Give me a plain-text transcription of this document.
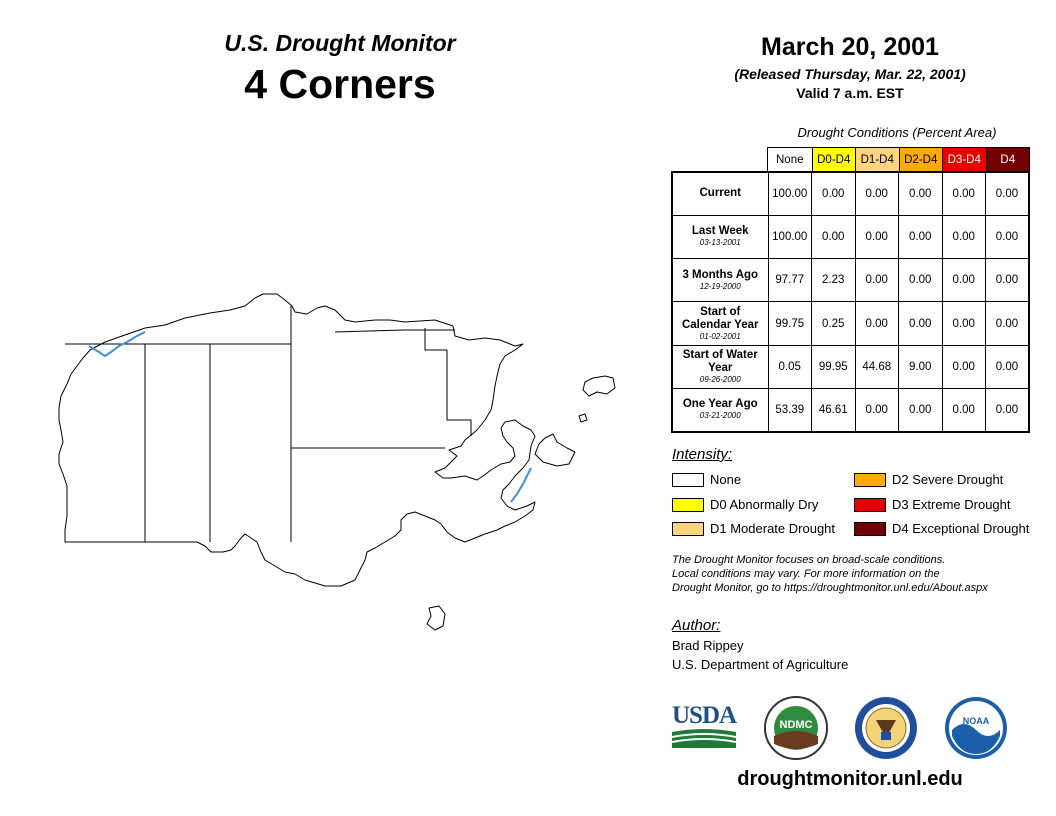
U.S. Drought Monitor
4 Corners
March 20, 2001
(Released Thursday, Mar. 22, 2001)
Valid 7 a.m. EST
Drought Conditions (Percent Area)
None	D0-D4 D1-D4 D2-D4 D3-D4	D4
Current	100.00	0.00	0.00	0.00	0.00	0.00

Last Week
03-13-2001	100.00	0.00	0.00	0.00	0.00	0.00

3 Months Ago
12-19-2000	97.77	2.23	0.00	0.00	0.00	0.00

Start of Calendar Year
01-02-2001	99.75	0.25	0.00	0.00	0.00	0.00

Start of Water Year
09-26-2000	0.05	99.95	44.68	9.00	0.00	0.00

One Year Ago
03-21-2000	53.39	46.61	0.00	0.00	0.00	0.00
Intensity:
None
D0 Abnormally Dry
D1 Moderate Drought
D2 Severe Drought
D3 Extreme Drought
D4 Exceptional Drought
The Drought Monitor focuses on broad-scale conditions.
Local conditions may vary. For more information on the
Drought Monitor, go to https://droughtmonitor.unl.edu/About.aspx
Author:
Brad Rippey
U.S. Department of Agriculture
USDA	NDMC	NOAA
droughtmonitor.unl.edu
